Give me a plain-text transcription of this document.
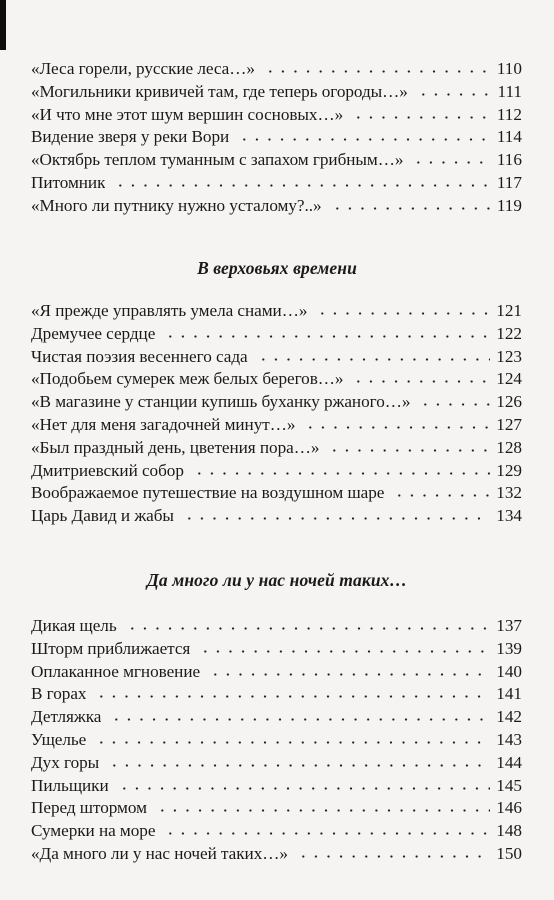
«Леса горели, русские леса…»	110
«Могильники кривичей там, где теперь огороды…»	111
«И что мне этот шум вершин сосновых…»	112
Видение зверя у реки Вори	114
«Октябрь теплом туманным с запахом грибным…»	116
Питомник	117
«Много ли путнику нужно усталому?..»	119
В верховьях времени
«Я прежде управлять умела снами…»	121
Дремучее сердце	122
Чистая поэзия весеннего сада	123
«Подобьем сумерек меж белых берегов…»	124
«В магазине у станции купишь буханку ржаного…»	126
«Нет для меня загадочней минут…»	127
«Был праздный день, цветения пора…»	128
Дмитриевский собор	129
Воображаемое путешествие на воздушном шаре	132
Царь Давид и жабы	134
Да много ли у нас ночей таких…
Дикая щель	137
Шторм приближается	139
Оплаканное мгновение	140
В горах	141
Детляжка	142
Ущелье	143
Дух горы	144
Пильщики	145
Перед штормом	146
Сумерки на море	148
«Да много ли у нас ночей таких…»	150
